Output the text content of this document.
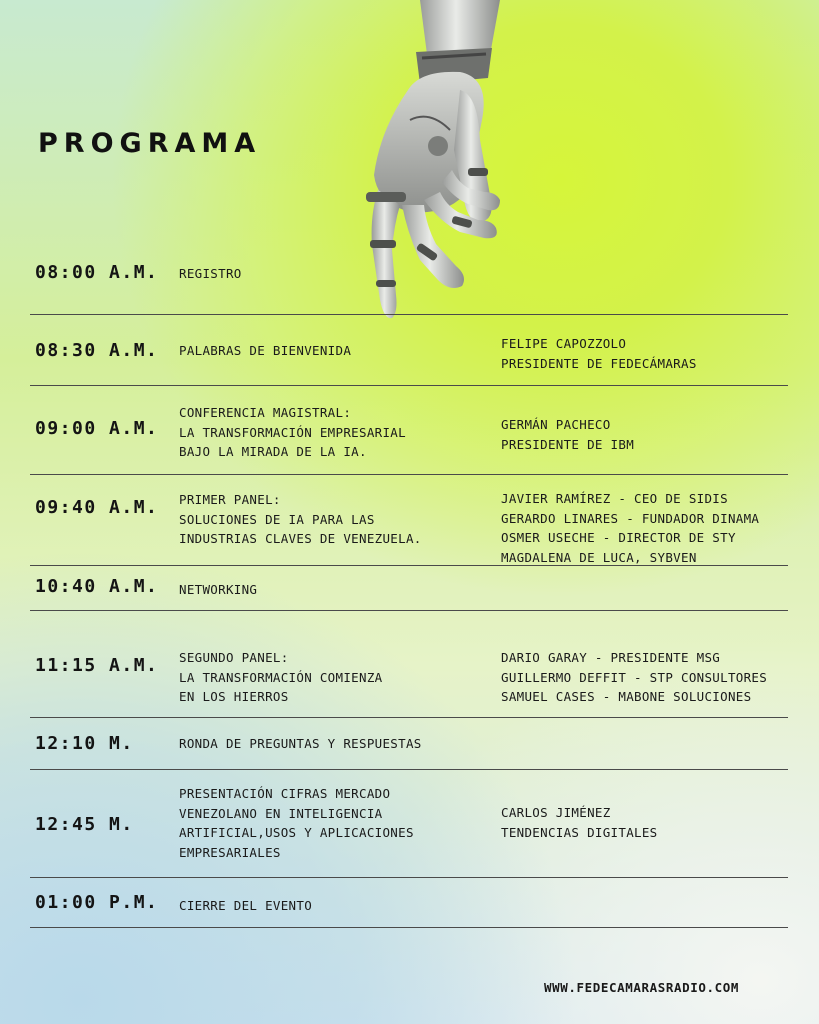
PROGRAMA
08:00 A.M. REGISTRO
08:30 A.M. PALABRAS DE BIENVENIDA	FELIPE CAPOZZOLO
PRESIDENTE DE FEDECÁMARAS
09:00 A.M.
CONFERENCIA MAGISTRAL:
LA TRANSFORMACIÓN EMPRESARIAL
BAJO LA MIRADA DE LA IA.
GERMÁN PACHECO
PRESIDENTE DE IBM
09:40 A.M. PRIMER PANEL:
SOLUCIONES DE IA PARA LAS
INDUSTRIAS CLAVES DE VENEZUELA.
JAVIER RAMÍREZ - CEO DE SIDIS
GERARDO LINARES - FUNDADOR DINAMA
OSMER USECHE - DIRECTOR DE STY
MAGDALENA DE LUCA, SYBVEN
10:40 A.M. NETWORKING
11:15 A.M. SEGUNDO PANEL:
LA TRANSFORMACIÓN COMIENZA
EN LOS HIERROS
DARIO GARAY - PRESIDENTE MSG
GUILLERMO DEFFIT - STP CONSULTORES
SAMUEL CASES - MABONE SOLUCIONES
12:10 M.	RONDA DE PREGUNTAS Y RESPUESTAS
12:45 M.
PRESENTACIÓN CIFRAS MERCADO
VENEZOLANO EN INTELIGENCIA
ARTIFICIAL,USOS Y APLICACIONES
EMPRESARIALES
CARLOS JIMÉNEZ
TENDENCIAS DIGITALES
01:00 P.M. CIERRE DEL EVENTO
WWW.FEDECAMARASRADIO.COM
